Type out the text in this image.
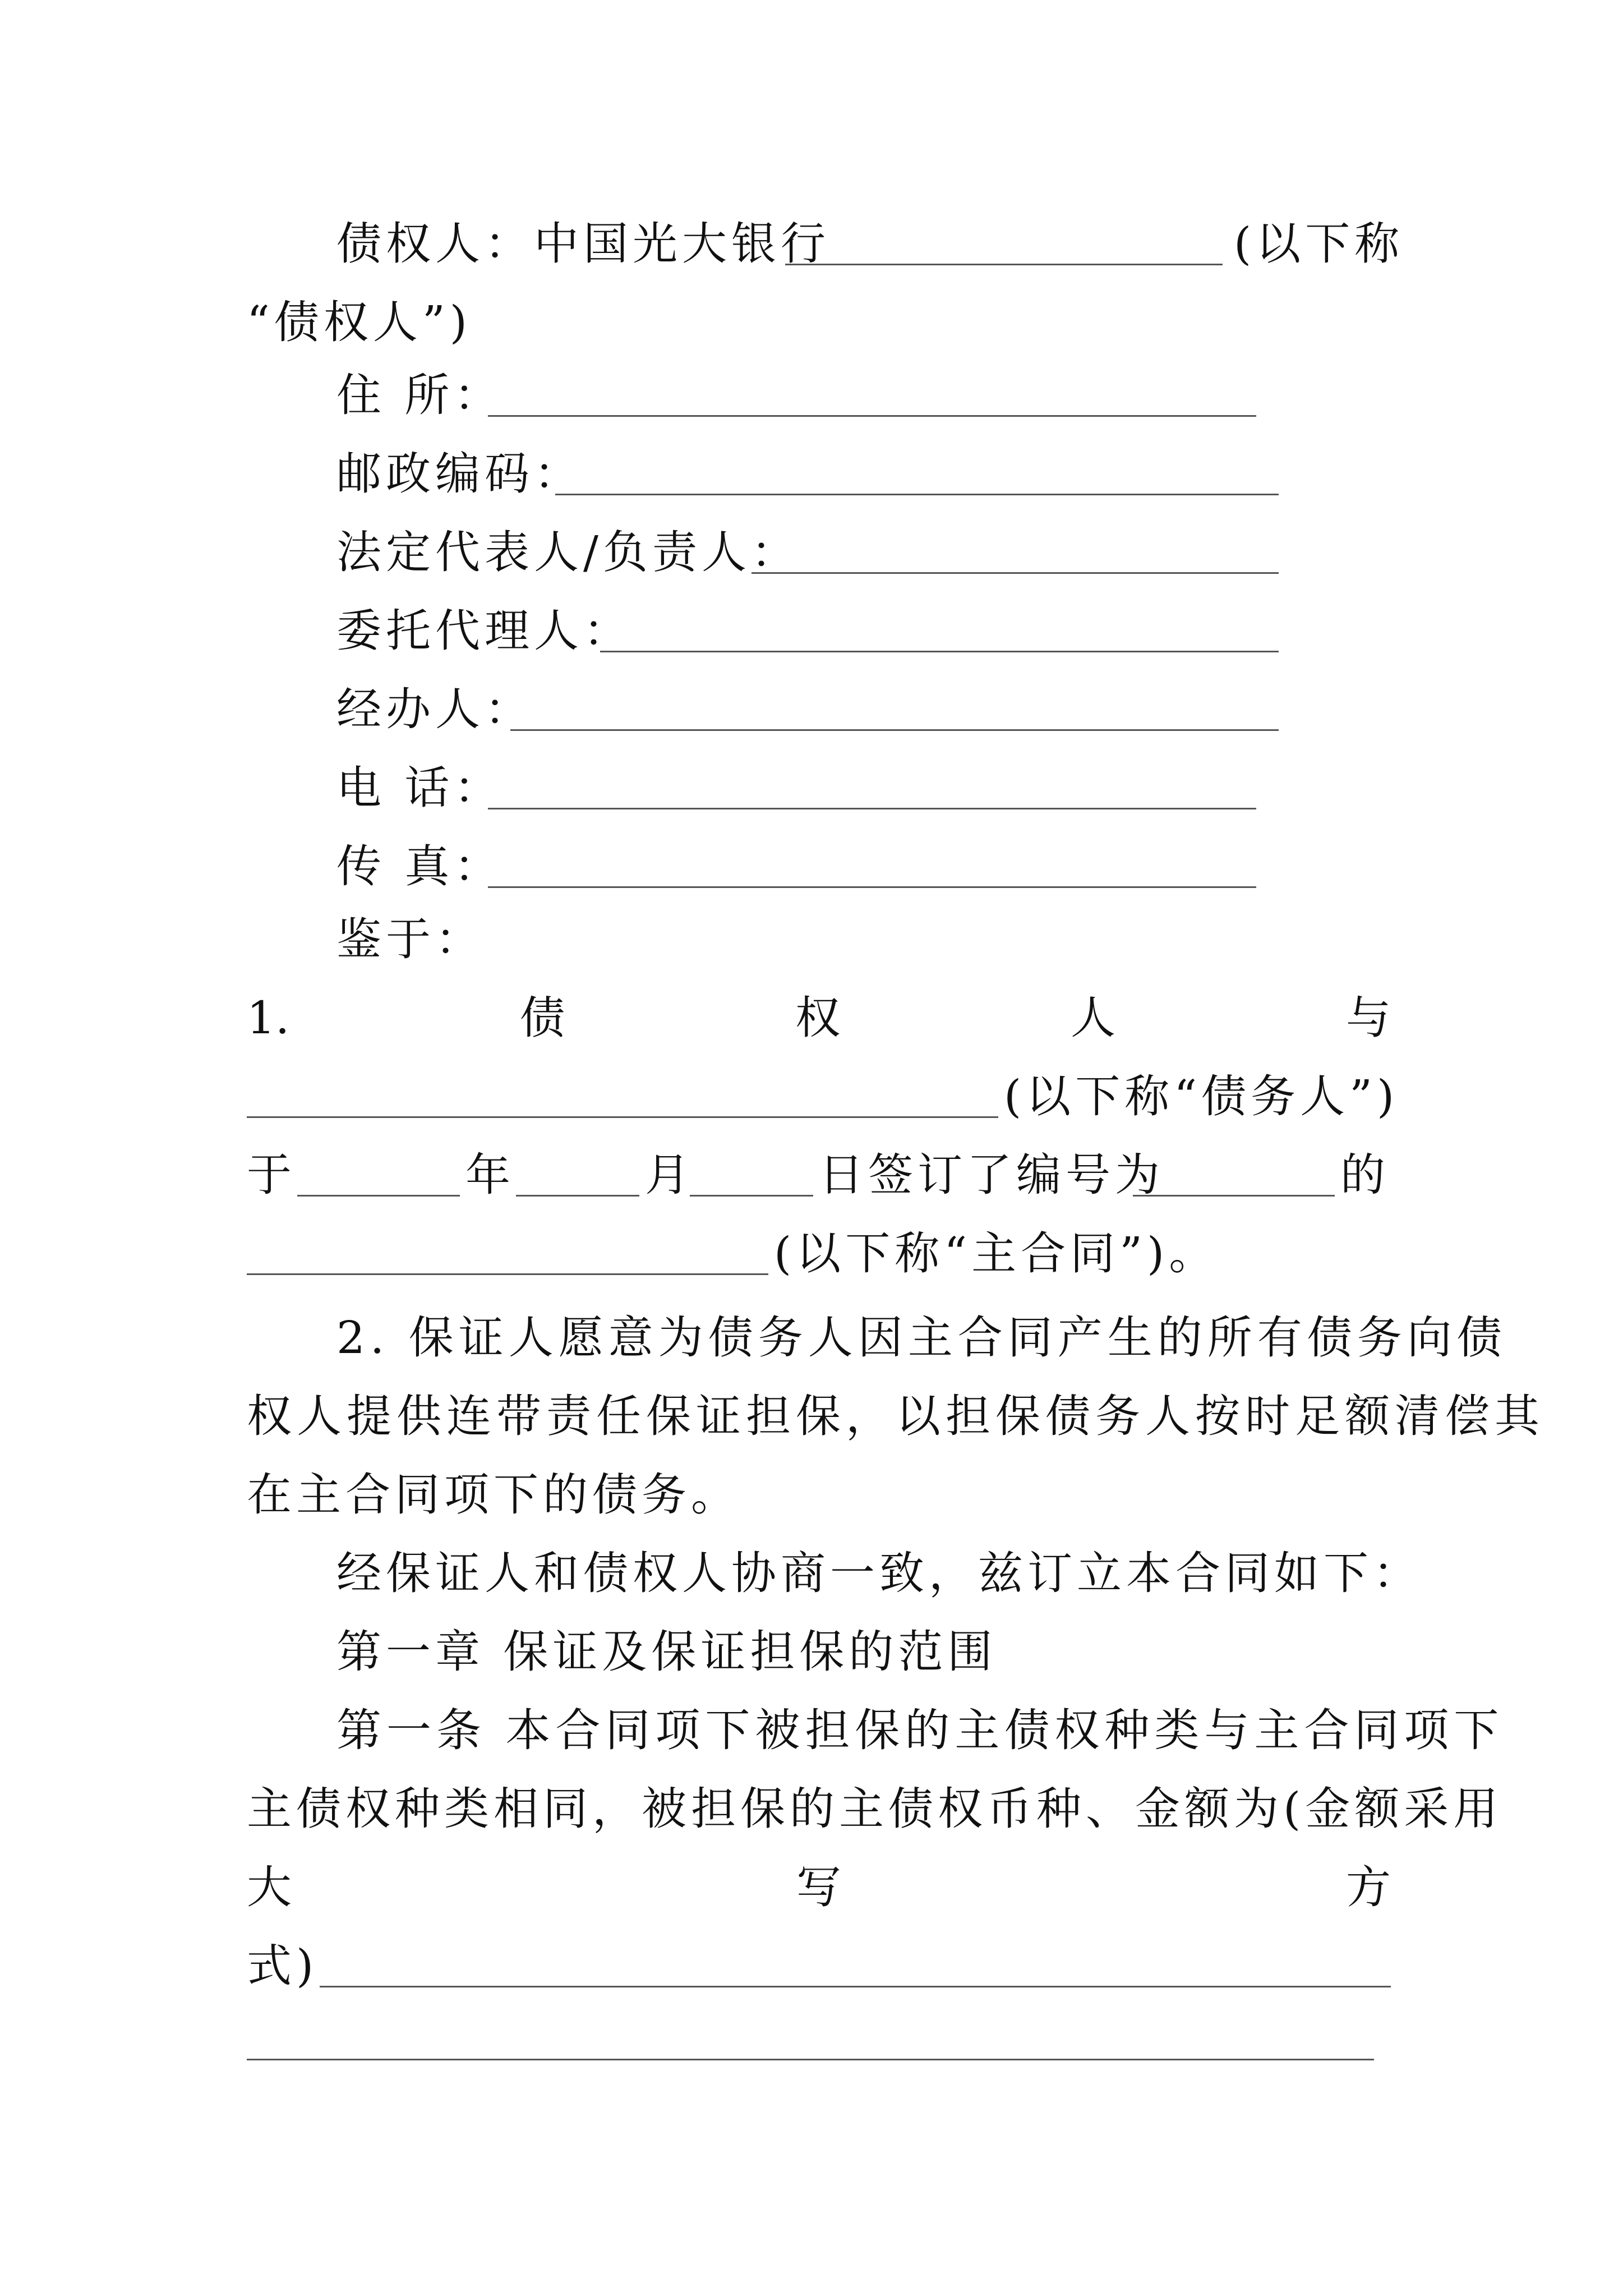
债权人：中国光大银行	(以下称
“债权人”)
住 所：
邮政编码：
法定代表人/负责人：
委托代理人：
经办人：
电 话：
传 真：
鉴于：
1.	债	权	人	与
(以下称“债务人”)
于	年	月	日签订了编号为	的
(以下称“主合同”)。
2. 保证人愿意为债务人因主合同产生的所有债务向债
权人提供连带责任保证担保，以担保债务人按时足额清偿其
在主合同项下的债务。
经保证人和债权人协商一致，兹订立本合同如下：
第一章 保证及保证担保的范围
第一条 本合同项下被担保的主债权种类与主合同项下
主债权种类相同，被担保的主债权币种、金额为(金额采用
大	写	方
式)
